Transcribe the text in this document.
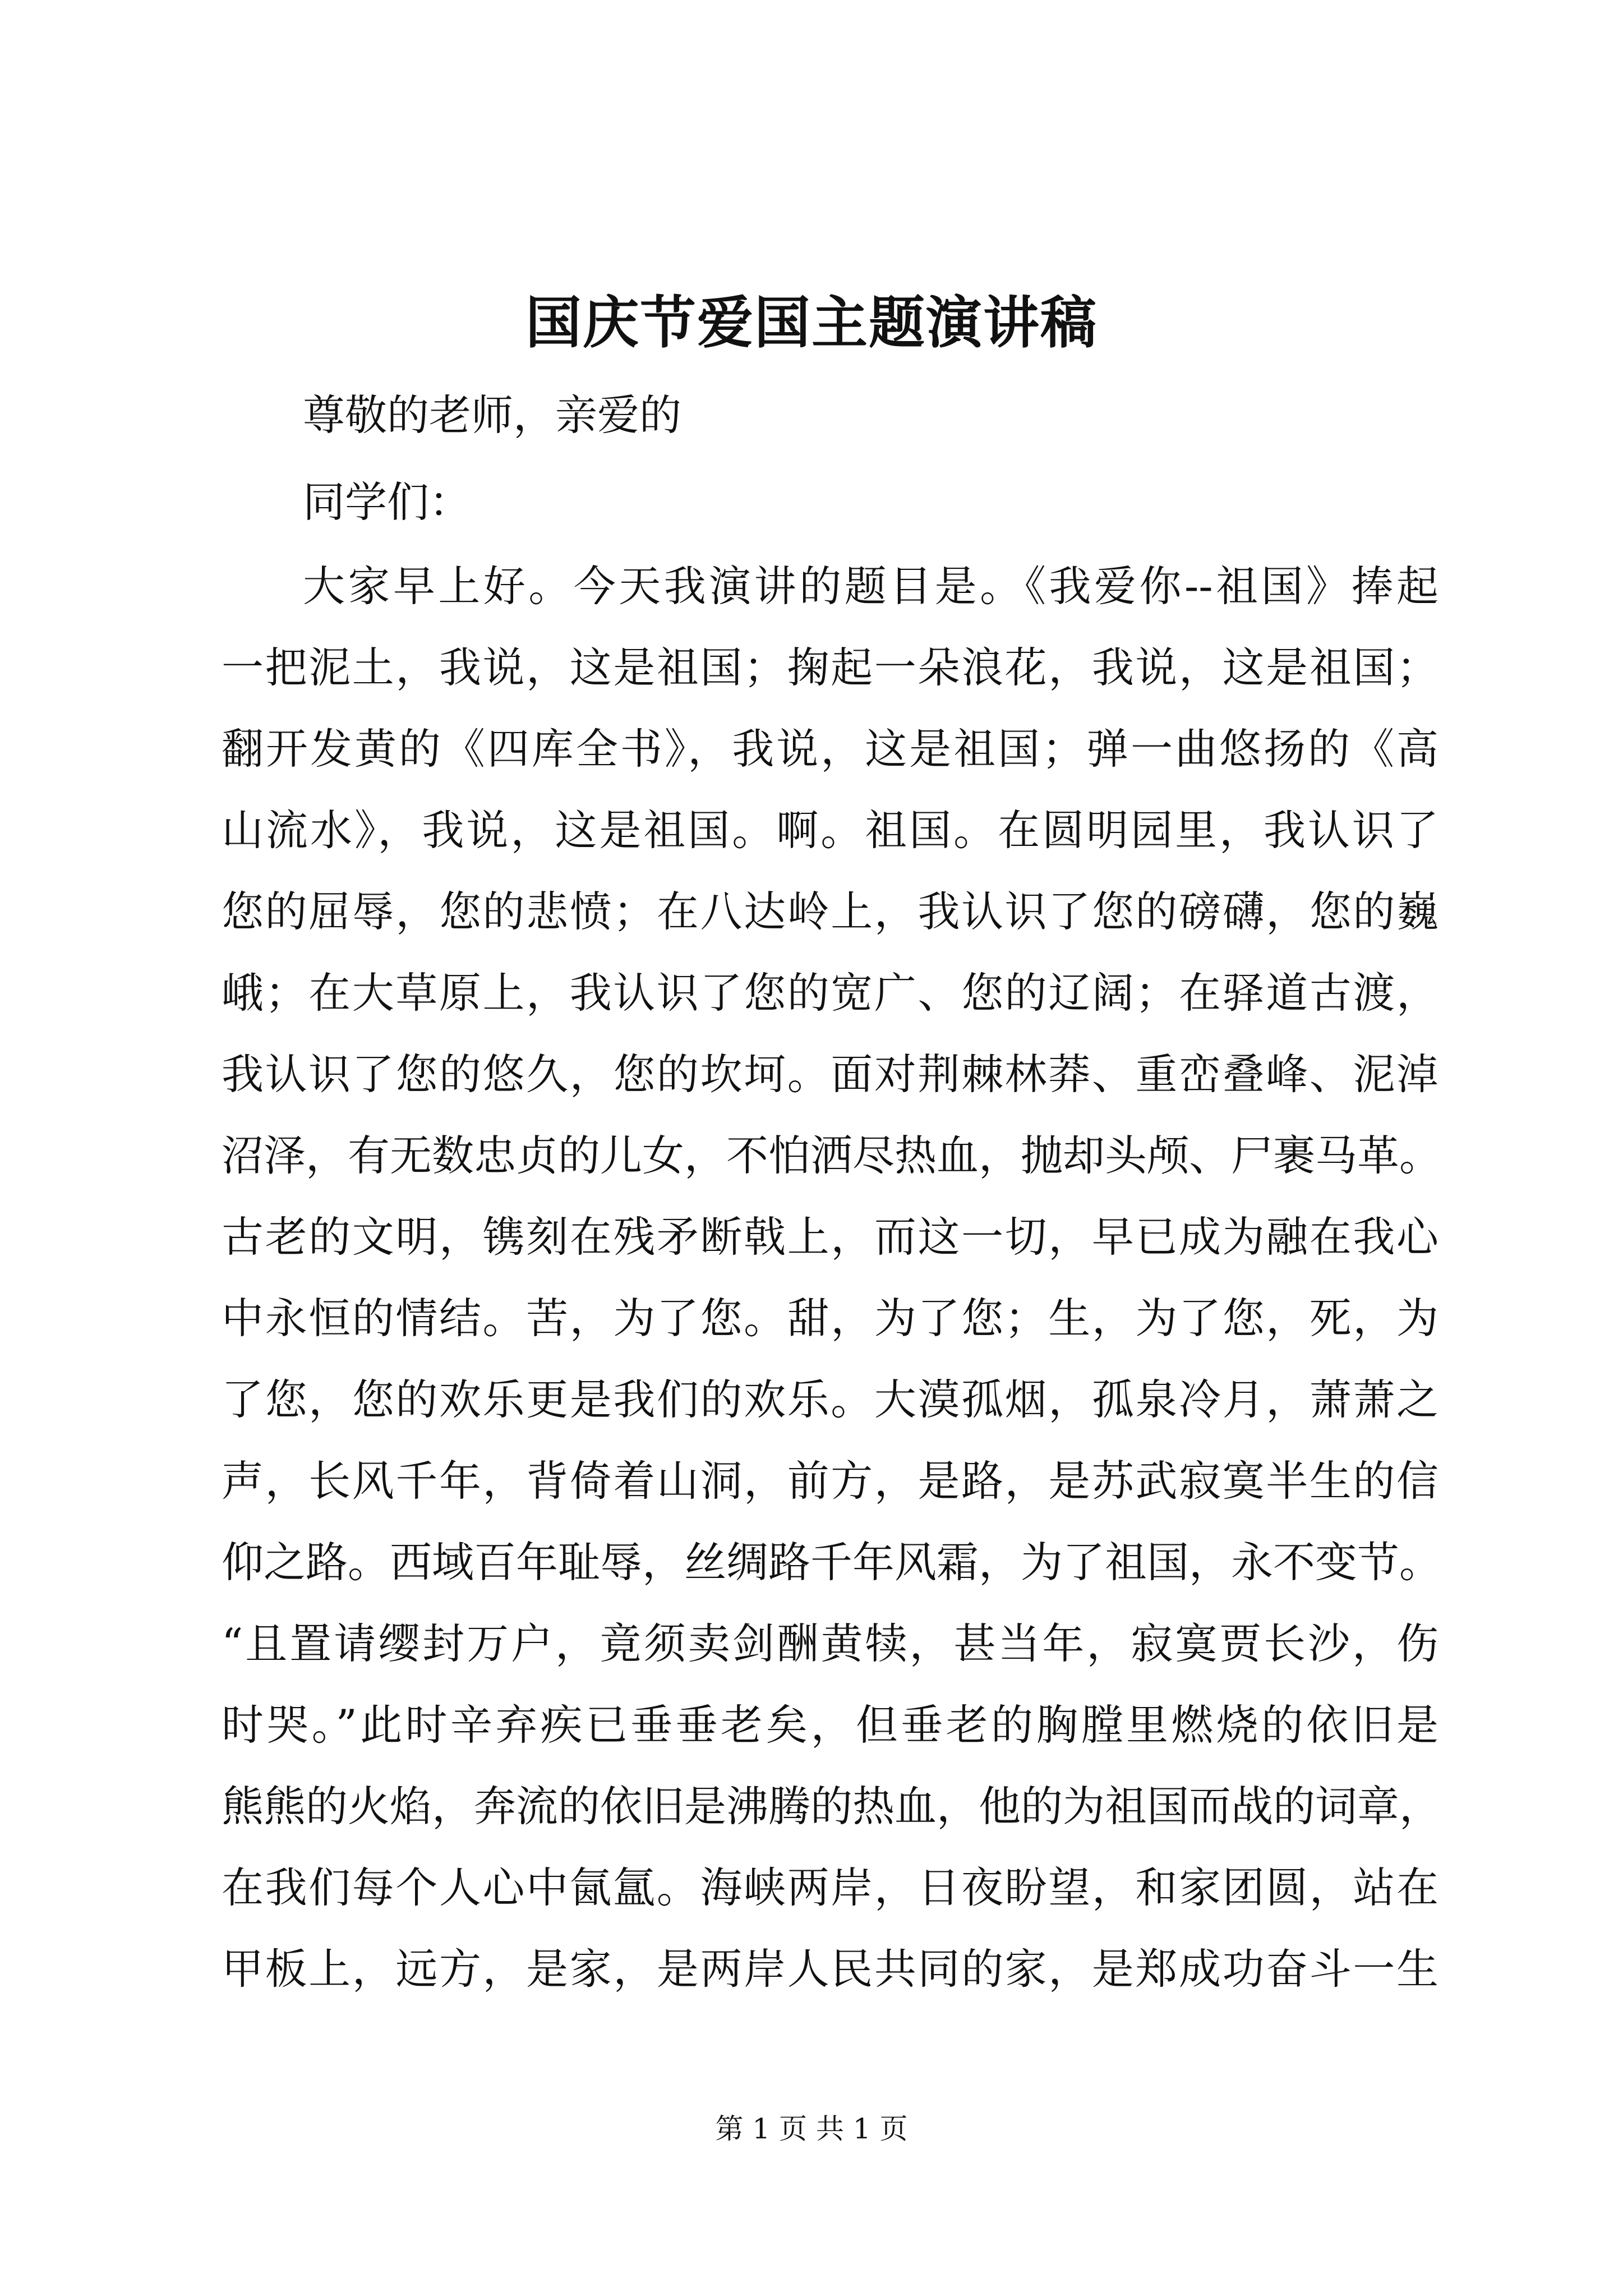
国庆节爱国主题演讲稿

尊敬的老师，亲爱的

同学们：

大家早上好。今天我演讲的题目是。《我爱你--祖国》捧起
一把泥土，我说，这是祖国；掬起一朵浪花，我说，这是祖国；
翻开发黄的《四库全书》，我说，这是祖国；弹一曲悠扬的《高
山流水》，我说，这是祖国。啊。祖国。在圆明园里，我认识了
您的屈辱，您的悲愤；在八达岭上，我认识了您的磅礴，您的巍
峨；在大草原上，我认识了您的宽广、您的辽阔；在驿道古渡，
我认识了您的悠久，您的坎坷。面对荆棘林莽、重峦叠峰、泥淖
沼泽，有无数忠贞的儿女，不怕洒尽热血，抛却头颅、尸裹马革。
古老的文明，镌刻在残矛断戟上，而这一切，早已成为融在我心
中永恒的情结。苦，为了您。甜，为了您；生，为了您，死，为
了您，您的欢乐更是我们的欢乐。大漠孤烟，孤泉冷月，萧萧之
声，长风千年，背倚着山洞，前方，是路，是苏武寂寞半生的信
仰之路。西域百年耻辱，丝绸路千年风霜，为了祖国，永不变节。
“且置请缨封万户，竟须卖剑酬黄犊，甚当年，寂寞贾长沙，伤
时哭。”此时辛弃疾已垂垂老矣，但垂老的胸膛里燃烧的依旧是
熊熊的火焰，奔流的依旧是沸腾的热血，他的为祖国而战的词章，
在我们每个人心中氤氲。海峡两岸，日夜盼望，和家团圆，站在
甲板上，远方，是家，是两岸人民共同的家，是郑成功奋斗一生

第 1 页 共 1 页
